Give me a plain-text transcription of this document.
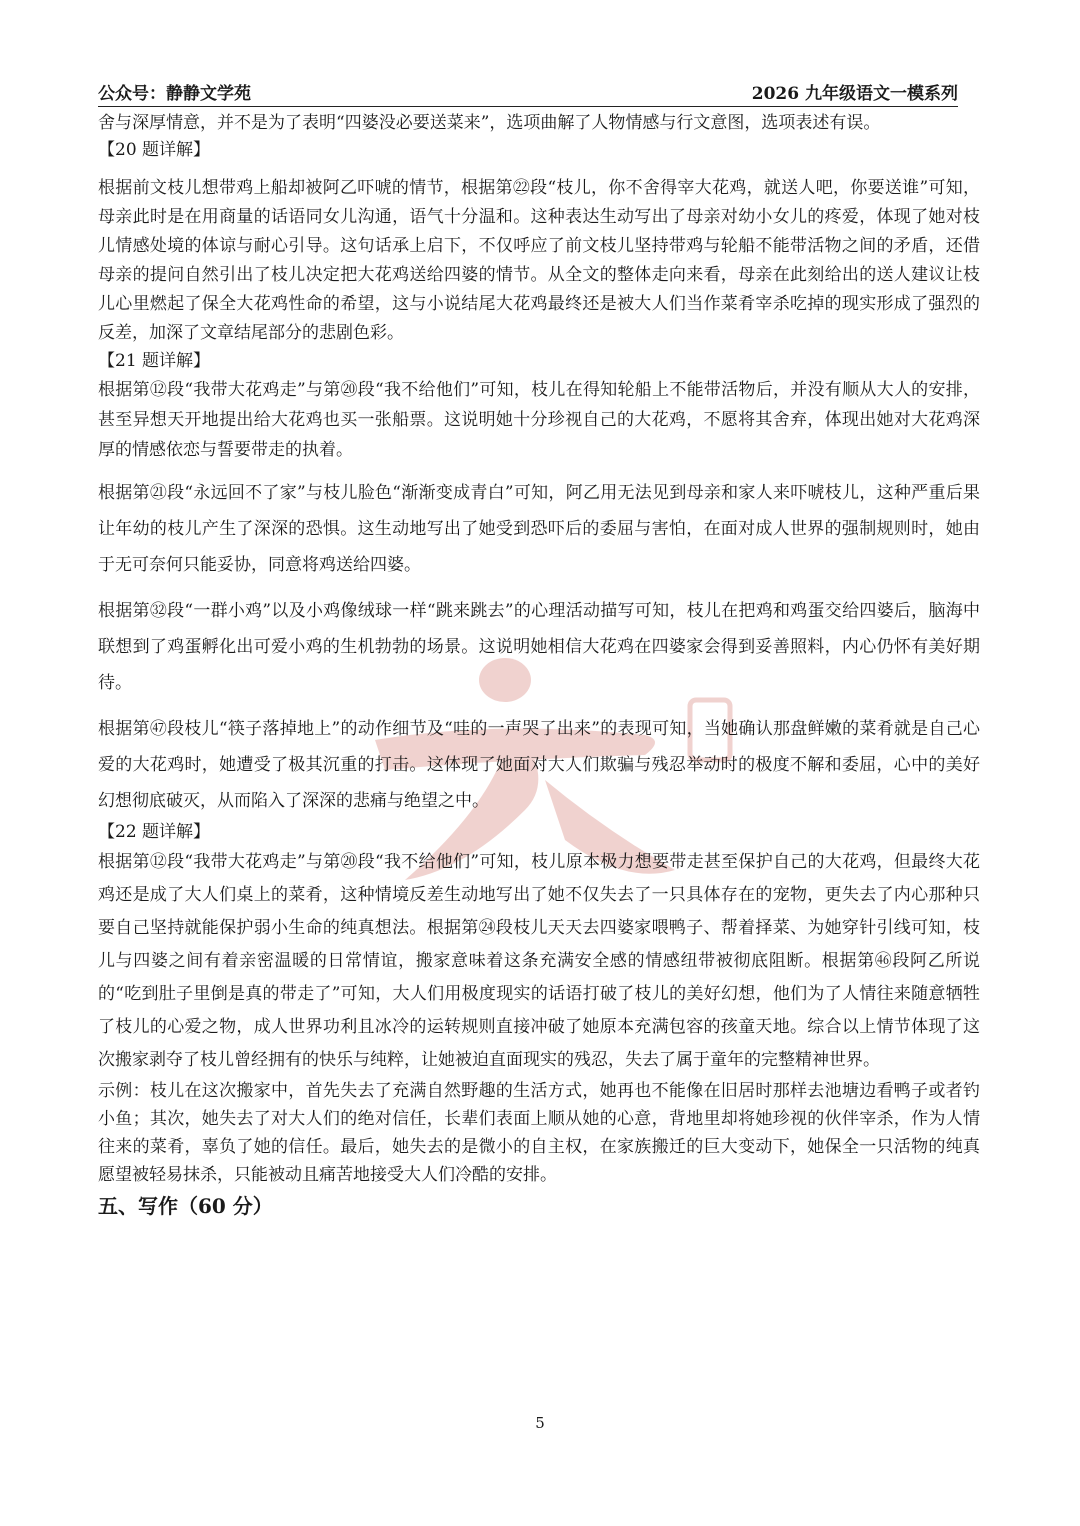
公众号：静静文学苑	2026 九年级语文一模系列

舍与深厚情意，并不是为了表明“四婆没必要送菜来”，选项曲解了人物情感与行文意图，选项表述有误。

【20 题详解】

根据前文枝儿想带鸡上船却被阿乙吓唬的情节，根据第㉒段“枝儿，你不舍得宰大花鸡，就送人吧，你要送谁”可知，母亲此时是在用商量的话语同女儿沟通，语气十分温和。这种表达生动写出了母亲对幼小女儿的疼爱，体现了她对枝儿情感处境的体谅与耐心引导。这句话承上启下，不仅呼应了前文枝儿坚持带鸡与轮船不能带活物之间的矛盾，还借母亲的提问自然引出了枝儿决定把大花鸡送给四婆的情节。从全文的整体走向来看，母亲在此刻给出的送人建议让枝儿心里燃起了保全大花鸡性命的希望，这与小说结尾大花鸡最终还是被大人们当作菜肴宰杀吃掉的现实形成了强烈的反差，加深了文章结尾部分的悲剧色彩。

【21 题详解】

根据第⑫段“我带大花鸡走”与第⑳段“我不给他们”可知，枝儿在得知轮船上不能带活物后，并没有顺从大人的安排，甚至异想天开地提出给大花鸡也买一张船票。这说明她十分珍视自己的大花鸡，不愿将其舍弃，体现出她对大花鸡深厚的情感依恋与誓要带走的执着。

根据第㉑段“永远回不了家”与枝儿脸色“渐渐变成青白”可知，阿乙用无法见到母亲和家人来吓唬枝儿，这种严重后果让年幼的枝儿产生了深深的恐惧。这生动地写出了她受到恐吓后的委屈与害怕，在面对成人世界的强制规则时，她由于无可奈何只能妥协，同意将鸡送给四婆。

根据第㉜段“一群小鸡”以及小鸡像绒球一样“跳来跳去”的心理活动描写可知，枝儿在把鸡和鸡蛋交给四婆后，脑海中联想到了鸡蛋孵化出可爱小鸡的生机勃勃的场景。这说明她相信大花鸡在四婆家会得到妥善照料，内心仍怀有美好期待。

根据第㊼段枝儿“筷子落掉地上”的动作细节及“哇的一声哭了出来”的表现可知，当她确认那盘鲜嫩的菜肴就是自己心爱的大花鸡时，她遭受了极其沉重的打击。这体现了她面对大人们欺骗与残忍举动时的极度不解和委屈，心中的美好幻想彻底破灭，从而陷入了深深的悲痛与绝望之中。

【22 题详解】

根据第⑫段“我带大花鸡走”与第⑳段“我不给他们”可知，枝儿原本极力想要带走甚至保护自己的大花鸡，但最终大花鸡还是成了大人们桌上的菜肴，这种情境反差生动地写出了她不仅失去了一只具体存在的宠物，更失去了内心那种只要自己坚持就能保护弱小生命的纯真想法。根据第㉔段枝儿天天去四婆家喂鸭子、帮着择菜、为她穿针引线可知，枝儿与四婆之间有着亲密温暖的日常情谊，搬家意味着这条充满安全感的情感纽带被彻底阻断。根据第㊻段阿乙所说的“吃到肚子里倒是真的带走了”可知，大人们用极度现实的话语打破了枝儿的美好幻想，他们为了人情往来随意牺牲了枝儿的心爱之物，成人世界功利且冰冷的运转规则直接冲破了她原本充满包容的孩童天地。综合以上情节体现了这次搬家剥夺了枝儿曾经拥有的快乐与纯粹，让她被迫直面现实的残忍，失去了属于童年的完整精神世界。

示例：枝儿在这次搬家中，首先失去了充满自然野趣的生活方式，她再也不能像在旧居时那样去池塘边看鸭子或者钓小鱼；其次，她失去了对大人们的绝对信任，长辈们表面上顺从她的心意，背地里却将她珍视的伙伴宰杀，作为人情往来的菜肴，辜负了她的信任。最后，她失去的是微小的自主权，在家族搬迁的巨大变动下，她保全一只活物的纯真愿望被轻易抹杀，只能被动且痛苦地接受大人们冷酷的安排。

五、写作（60 分）

5
